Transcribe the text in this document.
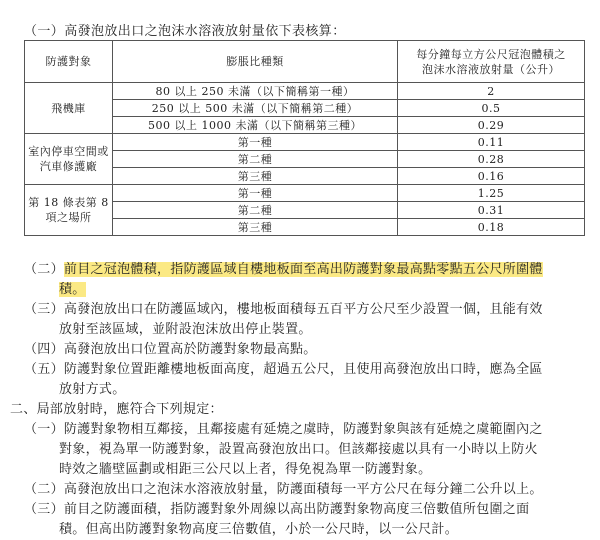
（一）高發泡放出口之泡沫水溶液放射量依下表核算：
防護對象	膨脹比種類	每分鐘每立方公尺冠泡體積之
泡沫水溶液放射量（公升）

飛機庫	80 以上 250 未滿（以下簡稱第一種）	2
	250 以上 500 未滿（以下簡稱第二種）	0.5
	500 以上 1000 未滿（以下簡稱第三種）	0.29

室內停車空間或
汽車修護廠	第一種	0.11
	第二種	0.28
	第三種	0.16

第 18 條表第 8
項之場所	第一種	1.25
	第二種	0.31
	第三種	0.18
（二）前目之冠泡體積，指防護區域自樓地板面至高出防護對象最高點零點五公尺所圍體
積。
（三）高發泡放出口在防護區域內，樓地板面積每五百平方公尺至少設置一個，且能有效
放射至該區域，並附設泡沫放出停止裝置。
（四）高發泡放出口位置高於防護對象物最高點。
（五）防護對象位置距離樓地板面高度，超過五公尺，且使用高發泡放出口時，應為全區
放射方式。
二、局部放射時，應符合下列規定：
（一）防護對象物相互鄰接，且鄰接處有延燒之虞時，防護對象與該有延燒之虞範圍內之
對象，視為單一防護對象，設置高發泡放出口。但該鄰接處以具有一小時以上防火
時效之牆壁區劃或相距三公尺以上者，得免視為單一防護對象。
（二）高發泡放出口之泡沫水溶液放射量，防護面積每一平方公尺在每分鐘二公升以上。
（三）前目之防護面積，指防護對象外周線以高出防護對象物高度三倍數值所包圍之面
積。但高出防護對象物高度三倍數值，小於一公尺時，以一公尺計。
